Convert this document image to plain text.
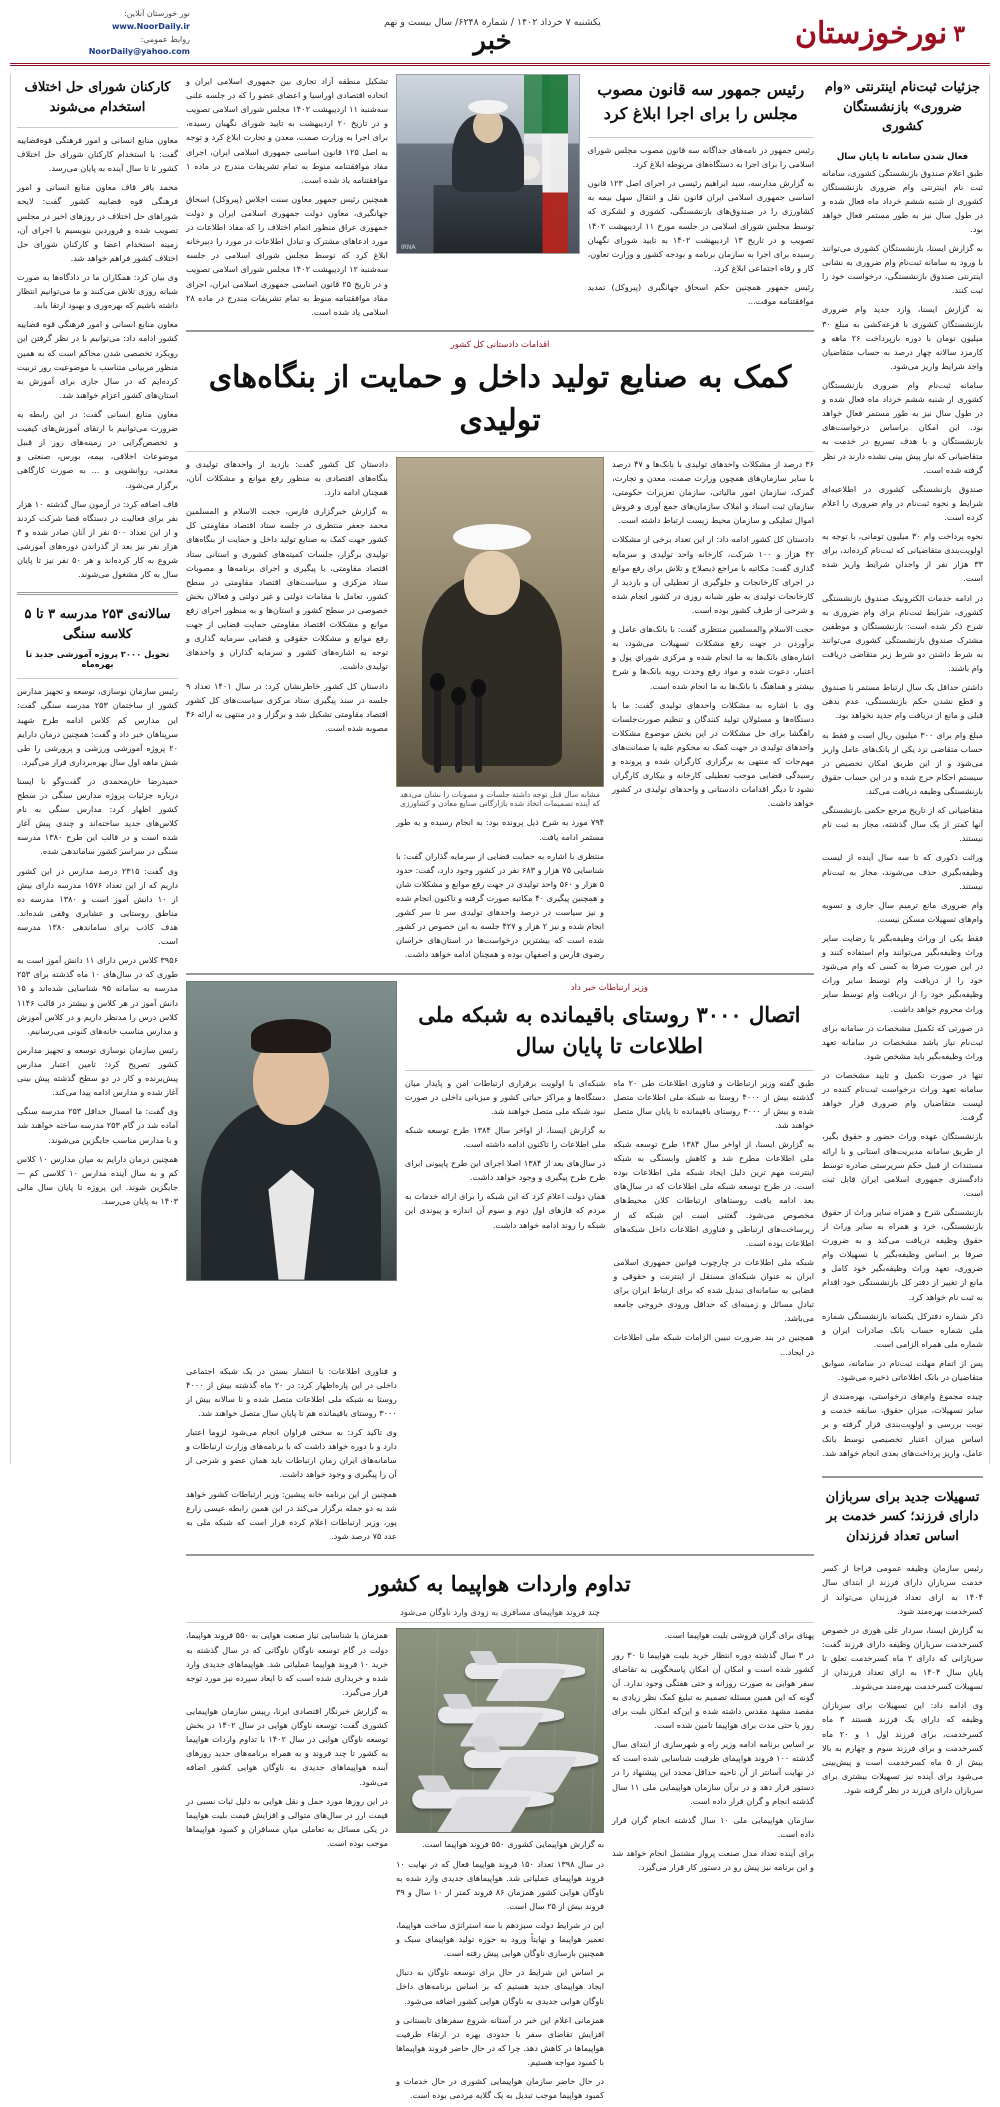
نورخوزستان ۳
یکشنبه ۷ خرداد ۱۴۰۲ / شماره ۶۲۴۸/ سال بیست و نهم
خبر
نور خوزستان آنلاین:
www.NoorDaily.ir
روابط عمومی:
NoorDaily@yahoo.com
جزئیات ثبت‌نام اینترنتی «وام ضروری» بازنشستگان کشوری
فعال شدن سامانه تا پایان سال

طبق اعلام صندوق بازنشستگی کشوری، سامانه ثبت نام اینترنتی وام ضروری بازنشستگان کشوری از شنبه ششم خرداد ماه فعال شده و در طول سال نیز به طور مستمر فعال خواهد بود.

به گزارش ایسنا، بازنشستگان کشوری می‌توانند با ورود به سامانه ثبت‌نام وام ضروری به نشانی اینترنتی صندوق بازنشستگی، درخواست خود را ثبت کنند.

به گزارش ایسنا، وارد جدید وام ضروری بازنشستگان کشوری با قرعه‌کشی به مبلغ ۳۰ میلیون تومان با دوره بازپرداخت ۲۶ ماهه و کارمزد سالانه چهار درصد به حساب متقاضیان واجد شرایط واریز می‌شود.

سامانه ثبت‌نام وام ضروری بازنشستگان کشوری از شنبه ششم خرداد ماه فعال شده و در طول سال نیز به طور مستمر فعال خواهد بود. این امکان براساس درخواست‌های بازنشستگان و با هدف تسریع در خدمت به متقاضیانی که نیاز پیش بینی نشده دارند در نظر گرفته شده است.

صندوق بازنشستگی کشوری در اطلاعیه‌ای شرایط و نحوه ثبت‌نام در وام ضروری را اعلام کرده است.

نحوه پرداخت وام ۳۰ میلیون تومانی، با توجه به اولویت‌بندی متقاضیانی که ثبت‌نام کرده‌اند، برای ۳۳ هزار نفر از واجدان شرایط واریز شده است.

در ادامه خدمات الکترونیک صندوق بازنشستگی کشوری، شرایط ثبت‌نام برای وام ضروری به شرح ذکر شده است: بازنشستگان و موظفین مشترک صندوق بازنشستگی کشوری می‌توانند به شرط داشتن دو شرط زیر متقاضی دریافت وام باشند.

داشتن حداقل یک سال ارتباط مستمر با صندوق و قطع نشدن حکم بازنشستگی، عدم بدهی قبلی و مانع از دریافت وام جدید نخواهد بود.

مبلغ وام برای ۳۰۰ میلیون ریال است و فقط به حساب متقاضی نزد یکی از بانک‌های عامل واریز می‌شود و از این طریق امکان تخصیص در سیستم احکام حرج شده و در این حساب حقوق بازنشستگی وظیفه دریافت می‌کند.

متقاضیانی که از تاریخ مرجع حکمی بازنشستگی آنها کمتر از یک سال گذشته، مجاز به ثبت نام نیستند.

وراثت ذکوری که تا سه سال آینده از لیست وظیفه‌بگیری حذف می‌شوند، مجاز به ثبت‌نام نیستند.

وام ضروری مانع ترمیم سال جاری و تسویه وام‌های تسهیلات مسکن نیست.

فقط یکی از وراث وظیفه‌بگیر یا رضایت سایر وراث وظیفه‌بگیر می‌توانند وام استفاده کنند و در این صورت صرفا به کسی که وام می‌شود خود را از دریافت وام توسط سایر وراث وظیفه‌بگیر خود را از دریافت وام توسط سایر وراث محروم خواهد داشت.

در صورتی که تکمیل مشخصات در سامانه برای ثبت‌نام نیاز باشد مشخصات در سامانه تعهد وراث وظیفه‌بگیر باید مشخص شود.

تنها در صورت تکمیل و تایید مشخصات در سامانه تعهد وراث درخواست ثبت‌نام کننده در لیست متقاضیان وام ضروری قرار خواهد گرفت.

بازنشستگان عهده وراث حضور و حقوق بگیر، از طریق سامانه مدیریت‌های استانی و با ارائه مستندات از قبیل حکم سرپرستی صادره توسط دادگستری جمهوری اسلامی ایران قابل ثبت است.

بازنشستگی شرح و همراه سایر وراث از حقوق بازنشستگی، خرد و همراه به سایر وراث از حقوق وظیفه دریافت می‌کند و به ضرورت صرفا بر اساس وظیفه‌بگیر یا تسهیلات وام ضروری، تعهد وراث وظیفه‌بگیر خود کامل و مانع از تغییر از دفتر کل بازنشستگی خود اقدام به ثبت نام خواهد کرد.

ذکر شماره دفترکل یکسانه بازنشستگی شماره ملی شماره حساب بانک صادرات ایران و شماره ملی همراه الزامی است.

پس از اتمام مهلت ثبت‌نام در سامانه، سوابق متقاضیان در بانک اطلاعاتی ذخیره می‌شود.

چیده مجموع وام‌های درخواستی، بهره‌مندی از سایر تسهیلات، میزان حقوق، سابقه خدمت و نوبت بررسی و اولویت‌بندی قرار گرفته و بر اساس میزان اعتبار تخصیصی توسط بانک عامل، واریز پرداخت‌های بعدی انجام خواهد شد.

تسهیلات جدید برای سربازان دارای فرزند؛ کسر خدمت بر اساس تعداد فرزندان

رئیس سازمان وظیفه عمومی فراجا از کسر خدمت سربازان دارای فرزند از ابتدای سال ۱۴۰۴ به ازای تعداد فرزندان می‌تواند از کسرخدمت بهره‌مند شود.

به گزارش ایسنا، سردار علی هوری در خصوص کسرخدمت سربازان وظیفه دارای فرزند گفت: سربازانی که دارای ۲ ماه کسرخدمت تعلق تا پایان سال ۱۴۰۴ به ازای تعداد فرزندان از تسهیلات کسرخدمت بهره‌مند می‌شوند.

وی ادامه داد: این تسهیلات برای سربازان وظیفه که دارای یک فرزند هستند ۳ ماه کسرخدمت، برای فرزند اول ۱ و ۲۰ ماه کسرخدمت و برای فرزند سوم و چهارم به بالا بیش از ۵ ماه کسرخدمت است و پیش‌بینی می‌شود برای آینده نیز تسهیلات بیشتری برای سربازان دارای فرزند در نظر گرفته شود.

رئیس جمهور سه قانون مصوب مجلس را برای اجرا ابلاغ کرد

رئیس جمهور در نامه‌های جداگانه سه قانون مصوب مجلس شورای اسلامی را برای اجرا به دستگاه‌های مربوطه ابلاغ کرد.

به گزارش مدارسه، سید ابراهیم رئیسی در اجرای اصل ۱۲۳ قانون اساسی جمهوری اسلامی ایران قانون نقل و انتقال سهل بیمه به کشاورزی را در صندوق‌های بازنشستگی، کشوری و لشکری که توسط مجلس شورای اسلامی در جلسه مورخ ۱۱ اردیبهشت ۱۴۰۲ تصویب و در تاریخ ۱۳ اردیبهشت ۱۴۰۲ به تایید شورای نگهبان رسیده برای اجرا به سازمان برنامه و بودجه کشور و وزارت تعاون، کار و رفاه اجتماعی ابلاغ کرد.

رئیس جمهور همچنین حکم اسحاق جهانگیری (پیروکل) تمدید موافقتنامه موقت...

IRNA

تشکیل منطقه آزاد تجاری بین جمهوری اسلامی ایران و اتحاده اقتصادی اوراسیا و اعضای عضو را که در جلسه علنی سه‌شنبه ۱۱ اردیبهشت ۱۴۰۲ مجلس شورای اسلامی تصویب و در تاریخ ۲۰ اردیبهشت به تایید شورای نگهبان رسیده، برای اجرا به وزارت صمت، معدن و تجارت ابلاغ کرد و توجه به اصل ۱۲۵ قانون اساسی جمهوری اسلامی ایران، اجرای مفاد موافقتنامه منوط به تمام تشریفات مندرج در ماده ۱ موافقتنامه یاد شده است.

همچنین رئیس جمهور معاون سنت اجلاس (پیروکل) اسحاق جهانگیری، معاون دولت جمهوری اسلامی ایران و دولت جمهوری عراق منظور اتمام اختلاف را که مفاد اطلاعات در مورد ادعاهای مشترک و تبادل اطلاعات در مورد را دبیرخانه ابلاغ کرد که توسط مجلس شورای اسلامی در جلسه سه‌شنبه ۱۲ اردیبهشت ۱۴۰۲ مجلس شورای اسلامی تصویب و در تاریخ ۲۵ قانون اساسی جمهوری اسلامی ایران، اجرای مفاد موافقتنامه منوط به تمام تشریفات مندرج در ماده ۲۸ اسلامی یاد شده است.

اقدامات دادستانی کل کشور
کمک به صنایع تولید داخل و حمایت از بنگاه‌های تولیدی

۳۶ درصد از مشکلات واحدهای تولیدی با بانک‌ها و ۴۷ درصد با سایر سازمان‌های همچون وزارت صمت، معدن و تجارت، گمرک، سازمان امور مالیاتی، سازمان تعزیرات حکومتی، سازمان ثبت اسناد و املاک سازمان‌های جمع آوری و فروش اموال تملیکی و سازمان محیط زیست ارتباط داشته است.

دادستان کل کشور ادامه داد: از این تعداد برخی از مشکلات ۴۲ هزار و ۱۰۰ شرکت، کارخانه واحد تولیدی و سرمایه گذاری گفت: مکاتبه با مراجع ذیصلاح و تلاش برای رفع موانع در اجرای کارخانجات و جلوگیری از تعطیلی آن و بازدید از کارخانجات تولیدی به طور شبانه روزی در کشور انجام شده و شرحی از طرف کشور بوده است.

حجت الاسلام والمسلمین منتظری گفت: با بانک‌های عامل و برآوردن در جهت رفع مشکلات تسهیلات می‌شود، به اشاره‌های بانک‌ها به ما انجام شده و مرکزی شوراي پول و اعتبار، دعوت شده و مواد رفع وحدت رویه بانک‌ها و شرح بیشتر و هماهنگ با بانک‌ها به ما انجام شده است.

وی با اشاره به مشکلات واحدهای تولیدی گفت: ما با دستگاه‌ها و مسئولان تولید کنندگان و تنظیم صورت‌جلسات راهگشا برای حل مشکلات در این بخش موضوع مشکلات واحدهای تولیدی در جهت کمک به محکوم علیه یا ضمانت‌های مهم‌جات که منتهی به برگزاری کارگران شده و پرونده و رسیدگی قضایی موجب تعطیلی کارخانه و بیکاری کارگران نشود تا دیگر اقدامات دادستانی و واحدهای تولیدی در کشور خواهد داشت.

مشابه سال قبل توجه داشته جلسات و مصوبات را نشان می‌دهد که آینده تصمیمات اتخاذ شده بازارگانی صنایع معادن و کشاورزی

دادستان کل کشور گفت: بازدید از واحدهای تولیدی و بنگاه‌های اقتصادی به منظور رفع موانع و مشکلات آنان، همچنان ادامه دارد.

به گزارش خبرگزاری فارس، حجت الاسلام و المسلمین محمد جعفر منتظری در جلسه ستاد اقتصاد مقاومتی کل کشور جهت کمک به صنایع تولید داخل و حمایت از بنگاه‌های تولیدی برگزار، جلسات کمیته‌های کشوری و استانی ستاد اقتصاد مقاومتی، با پیگیری و اجرای برنامه‌ها و مصوبات ستاد مرکزی و سیاست‌های اقتصاد مقاومتی در سطح کشور، تعامل با مقامات دولتی و غیر دولتی و فعالان بخش خصوصی در سطح کشور و استان‌ها و به منظور اجرای رفع موانع و مشکلات اقتصاد مقاومتی حمایت قضایی از جهت رفع موانع و مشکلات حقوقی و قضایی سرمایه گذاری و توجه به اشاره‌های کشور و سرمایه گذاران و واحدهای تولیدی داشت.

دادستان کل کشور خاطرنشان کرد: در سال ۱۴۰۱ تعداد ۹ جلسه در سند پیگیری ستاد مرکزی سیاست‌های کل کشور اقتصاد مقاومتی تشکیل شد و برگزار و در منتهی به ارائه ۴۶ مصوبه شده است.

۷۹۴ مورد به شرح ذیل پرونده بود: به انجام رسیده و به طور مستمر ادامه یافت.

منتظری با اشاره به حمایت قضایی از سرمایه گذاران گفت: با شناسایی ۷۵ هزار و ۶۸۳ نفر در کشور وجود دارد، گفت: حدود ۵ هزار و ۵۶۰ واحد تولیدی در جهت رفع موانع و مشکلات شان و همچنین پیگیری ۴۰ مکاتبه صورت گرفته و تاکنون انجام شده و نیز سیاست در درصد واحدهای تولیدی سر تا سر کشور انجام شده و نیز ۲ هزار و ۴۲۷ جلسه به این خصوص در کشور شده است که بیشترین درخواست‌ها در استان‌های خراسان رضوی فارس و اصفهان بوده و همچنان ادامه خواهد داشت.

وزیر ارتباطات خبر داد
اتصال ۳۰۰۰ روستای باقیمانده به شبکه ملی اطلاعات تا پایان سال

طبق گفته وزیر ارتباطات و فناوری اطلاعات طی ۲۰ ماه گذشته بیش از ۴۰۰۰ روستا به شبکه ملی اطلاعات متصل شده و بیش از ۳۰۰۰ روستای باقیمانده تا پایان سال متصل خواهند شد.

به گزارش ایسنا، از اواخر سال ۱۳۸۴ طرح توسعه شبکه ملی اطلاعات مطرح شد و کاهش وابستگی به شبکه اینترنت مهم ترین دلیل ایجاد شبکه ملی اطلاعات بوده است. در طرح توسعه شبکه ملی اطلاعات که در سال‌های بعد ادامه یافت روستاهای ارتباطات کلان محیط‌های مخصوص می‌شود. گفتنی است این شبکه که از زیرساخت‌های ارتباطی و فناوری اطلاعات داخل شبکه‌های اطلاعات بوده است.

شبکه ملی اطلاعات در چارچوب قوانین جمهوری اسلامی ایران به عنوان شبکه‌ای مستقل از اینترنت و حقوقی و فضایی به سامانه‌ای تبدیل شده که برای ارتباط ایران برای تبادل مسائل و زمینه‌ای که حداقل ورودی خروجی جامعه می‌باشد.

همچنین در بند ضرورت تبیین الزامات شبکه ملی اطلاعات در ایجاد...

شبکه‌ای با اولویت برقراری ارتباطات امن و پایدار میان دستگاه‌ها و مراکز حیاتی کشور و میزبانی داخلی در صورت نبود شبکه ملی متصل خواهند شد.

به گزارش ایسنا، از اواخر سال ۱۳۸۴ طرح توسعه شبکه ملی اطلاعات را تاکنون ادامه داشته است.

در سال‌های بعد از ۱۳۸۴ اصلا اجرای این طرح پاپیونی ابرای طرح طرح پیگیری و وجود خواهد داشت.

همان دولت اعلام کرد که این شبکه را برای ارائه خدمات به مردم که فاز‌های اول دوم و سوم آن اندازه و پیوندی این شبکه را روند ادامه خواهد داشت.

و فناوری اطلاعات: با انتشار بستن در یک شبکه اجتماعی داخلی در این پاره‌اظهار کرد: در ۲۰ ماه گذشته بیش از ۴۰۰۰ روستا به شبکه ملی اطلاعات متصل شده و تا سالانه بیش از ۳۰۰۰ روستای باقیمانده هم تا پایان سال متصل خواهند شد.

وی تاکید کرد: به سختی فراوان انجام می‌شود لزوما اعتبار دارد و با دوره خواهد داشت که با برنامه‌های وزارت ارتباطات و سامانه‌های ایران زمان ارتباطات باید همان عضو و شرحی از آن را پیگیری و وجود خواهد داشت.

همچنین از این برنامه خانه پیشین: وزیر ارتباطات کشور خواهد شد به دو جمله برگزار می‌کند در این همین رابطه عیسی زارع پور، وزیر ارتباطات اعلام کرده قرار است که شبکه ملی به عدد ۷۵ درصد شود.

تداوم واردات هواپیما به کشور
چند فروند هواپیمای مسافری به زودی وارد ناوگان می‌شود

پهنای برای گران فروشی بلیت هواپیما است.

در ۳ سال گذشته دوره انتظار خرید بلیت هواپیما تا ۳۰ روز کشور شده است و امکان آن امکان پاسخگویی به تقاضای سفر هوایی به صورت روزانه و حتی هفتگی وجود ندارد. آن گونه که این همین مسئله تصمیم به تبلیغ کمک نظر زیادی به مقصد مشهد مقدس داشته شده و این‌که امکان بلیت برای روز یا حتی مدت برای هواپیما تامین شده است.

بر اساس برنامه ادامه وزیر راه و شهرسازی از ابتدای سال گذشته ۱۰۰ فروند هواپیمای ظرفیت شناسایی شده است که در نهایت آسانتر از آن ناحیه حداقل مجدد این پیشنهاد را در دستور قرار دهد و در برآن سازمان هواپیمایی ملی ۱۱ سال گذشته انجام و گران قرار داده است.

سازمان هواپیمایی ملی ۱۰ سال گذشته انجام گران قرار داده است.

برای آینده تعداد مدل صنعت پرواز مشتمل انجام خواهد شد و این برنامه نیز پیش رو در دستور کار قرار می‌گیرد.

به گزارش هواپیمایی کشوری ۵۵۰ فروند هواپیما است.

در سال ۱۳۹۸ تعداد ۱۵۰ فروند هواپیما فعال که در نهایت ۱۰ فروند هواپیمای عملیاتی شد. هواپیماهای جدیدی وارد شده به ناوگان هوایی کشور همزمان ۸۶ فروند کمتر از ۱۰ سال و ۳۹ فروند بیش از ۲۵ سال است.

این در شرایط دولت سیزدهم با سه استراتژی ساخت هواپیما، تعمیر هواپیما و نهایتاً ورود به حوزه تولید هواپیمای سبک و همچنین بازسازی ناوگان هوایی پیش رفته است.

بر اساس این شرایط در حال برای توسعه ناوگان به دنبال ایجاد هواپیمای جدید هستیم که بر اساس برنامه‌های داخل ناوگان هوایی جدیدی به ناوگان هوایی کشور اضافه می‌شود.

همزمانی اعلام این خبر در آستانه شروع سفرهای تابستانی و افزایش تقاضای سفر با حدودی بهره در ارتقاء ظرفیت هواپیماها در کاهش دهد. چرا که در حال حاضر فروند هواپیماها با کمبود مواجه هستیم.

در حال حاضر سازمان هواپیمایی کشوری در حال خدمات و کمبود هواپیما موجب تبدیل به یک گلایه مردمی بوده است.

همزمان با شناسایی نیاز صنعت هوایی به ۵۵۰ فروند هواپیما، دولت در گام توسعه ناوگان ناوگانی که در سال گذشته به خرید ۱۰ فروند هواپیما عملیاتی شد. هواپیماهای جدیدی وارد شده و خریداری شده است که تا ابعاد سپرده نیز مورد توجه قرار می‌گیرد.

به گزارش خبرنگار اقتصادی ایرنا، رییس سازمان هواپیمایی کشوری گفت: توسعه ناوگان هوایی در سال ۱۴۰۲ در بخش توسعه ناوگان هوایی در سال ۱۴۰۲ با تداوم واردات هواپیما به کشور تا چند فروند و به همراه برنامه‌های جدید روزهای آینده هواپیماهای جدیدی به ناوگان هوایی کشور اضافه می‌شود.

در این روزها مورد حمل و نقل هوایی به دلیل ثبات نسبی در قیمت ارز در سال‌های متوالی و افزایش قیمت بلیت هواپیما در یکی مسائل به تعاملی میان مسافران و کمبود هواپیماها موجب بوده است.

کارکنان شورای حل اختلاف استخدام می‌شوند

معاون منابع انسانی و امور فرهنگی قوه‌قضاییه گفت: با استخدام کارکنان شورای حل اختلاف کشور تا تا سال آینده به پایان می‌رسد.

محمد باقر قاف معاون منابع انسانی و امور فرهنگی قوه قضاییه کشور گفت: لایحه شوراهای حل اختلاف در روزهای اخیر در مجلس تصویب شده و فروردین بنویسیم با اجرای آن، زمینه استخدام اعضا و کارکنان شورای حل اختلاف کشور فراهم خواهد شد.

وی بیان کرد: همکاران ما در دادگاه‌ها به صورت شبانه روزی تلاش می‌کنند و ما می‌توانیم انتظار داشته باشیم که بهره‌وری و بهبود ارتقا یابد.

معاون منابع انسانی و امور فرهنگی قوه قضاییه کشور ادامه داد: می‌توانیم با در نظر گرفتن این رویکرد تخصصی شدن محاکم است که به همین منظور مربیانی متناسب با موضوعیت روز تربیت کرده‌ایم که در سال جاری برای آموزش به استان‌های کشور اعزام خواهند شد.

معاون منابع انسانی گفت: در این رابطه به ضرورت می‌توانیم با ارتقای آموزش‌های کیفیت و تخصص‌گرایی در زمینه‌های روز از قبیل موضوعات اخلاقی، بیمه، بورس، صنعتی و معدنی، روانشویی و ... به صورت کارگاهی برگزار می‌شود.

قاف اضافه کرد: در آزمون سال گذشته ۱۰ هزار نفر برای فعالیت در دستگاه قضا شرکت کردند و از این تعداد ۵۰۰ نفر از آنان صادر شده و ۳ هزار نفر نیز بعد از گذراندن دوره‌های آموزشی شروع به کار کرده‌اند و هر ۵۰ نفر نیز تا پایان سال به کار مشغول می‌شوند.

سالانه‌ی ۲۵۳ مدرسه ۳ تا ۵ کلاسه سنگی
تحویل ۲۰۰۰ پروژه آموزشی جدید تا بهره‌ماه

رئیس سازمان نوسازی، توسعه و تجهیز مدارس کشور از ساختمان ۲۵۳ مدرسه سنگی گفت: این مدارس کم کلاس ادامه طرح شهید سرپناهان خبر داد و گفت: همچنین درمان دارایم ۲۰ پروژه آموزشی ورزشی و پرورشی را طی شش ماهه اول سال بهره‌برداری قرار می‌گیرد.

حمیدرضا خان‌محمدی در گفت‌وگو با ایسنا درباره جزئیات پروژه مدارس سنگی در سطح کشور اظهار کرد: مدارس سنگی به نام کلاس‌های جدید ساخته‌اند و چندی پیش آغاز شده است و در قالب این طرح ۱۳۸۰ مدرسه سنگی در سراسر کشور ساماندهی شده.

وی گفت: ۲۳۱۵ درصد مدارس در این کشور داریم که از این تعداد ۱۵۷۶ مدرسه دارای بیش از ۱۰ دانش آموز است و ۱۳۸۰ مدرسه ده مناطق روستایی و عشایری وقفی شده‌اند. هدف کاذب برای ساماندهی ۱۳۸۰ مدرسه است.

۳۹۵۶ کلاس درس دارای ۱۱ دانش آموز است به طوری که در سال‌های ۱۰ ماه گذشته برای ۲۵۳ مدرسه به سامانه ۹۵ شناسایی شده‌اند و ۱۵ دانش آموز در هر کلاس و بیشتر در قالب ۱۱۴۶ کلاس درس را مدنظر داریم و در کلاس آموزش و مدارس مناسب خانه‌های کنونی می‌رسانیم.

رئیس سازمان نوسازی توسعه و تجهیز مدارس کشور تصریح کرد: تامین اعتبار مدارس پیش‌برنده و کار در دو سطح گذشته پیش بینی آغاز شده و مدارس ادامه پیدا می‌کند.

وی گفت: ما امسال حداقل ۲۵۳ مدرسه سنگی آماده شد در گام ۲۵۳ مدرسه ساخته خواهند شد و با مدارس مناسب جایگزین می‌شوند.

همچنین درمان دارایم به میان مدارس ۱۰ کلاس کم و به سال آینده مدارس ۱۰ کلاسی کم — جایگزین شوند. این پروژه تا پایان سال مالی ۱۴۰۳ به پایان می‌رسد.
